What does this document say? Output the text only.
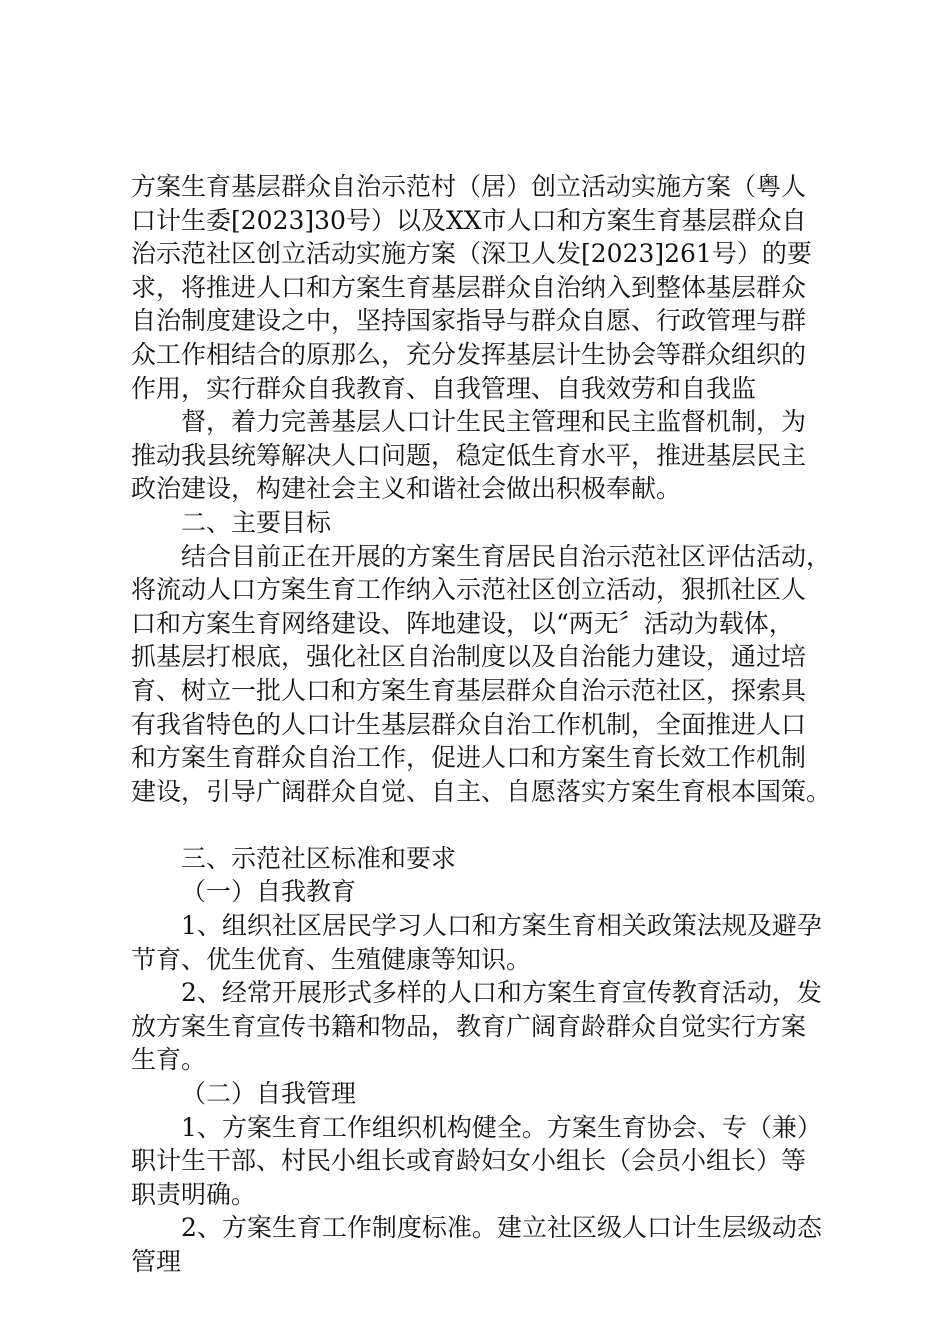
方案生育基层群众自治示范村（居）创立活动实施方案（粤人
口计生委[2023]30号）以及XX市人口和方案生育基层群众自
治示范社区创立活动实施方案（深卫人发[2023]261号）的要
求，将推进人口和方案生育基层群众自治纳入到整体基层群众
自治制度建设之中，坚持国家指导与群众自愿、行政管理与群
众工作相结合的原那么，充分发挥基层计生协会等群众组织的
作用，实行群众自我教育、自我管理、自我效劳和自我监
督，着力完善基层人口计生民主管理和民主监督机制，为
推动我县统筹解决人口问题，稳定低生育水平，推进基层民主
政治建设，构建社会主义和谐社会做出积极奉献。
二、主要目标
结合目前正在开展的方案生育居民自治示范社区评估活动，
将流动人口方案生育工作纳入示范社区创立活动，狠抓社区人
口和方案生育网络建设、阵地建设，以“两无〞活动为载体，
抓基层打根底，强化社区自治制度以及自治能力建设，通过培
育、树立一批人口和方案生育基层群众自治示范社区，探索具
有我省特色的人口计生基层群众自治工作机制，全面推进人口
和方案生育群众自治工作，促进人口和方案生育长效工作机制
建设，引导广阔群众自觉、自主、自愿落实方案生育根本国策。
三、示范社区标准和要求
（一）自我教育
1、组织社区居民学习人口和方案生育相关政策法规及避孕
节育、优生优育、生殖健康等知识。
2、经常开展形式多样的人口和方案生育宣传教育活动，发
放方案生育宣传书籍和物品，教育广阔育龄群众自觉实行方案
生育。
（二）自我管理
1、方案生育工作组织机构健全。方案生育协会、专（兼）
职计生干部、村民小组长或育龄妇女小组长（会员小组长）等
职责明确。
2、方案生育工作制度标准。建立社区级人口计生层级动态
管理
